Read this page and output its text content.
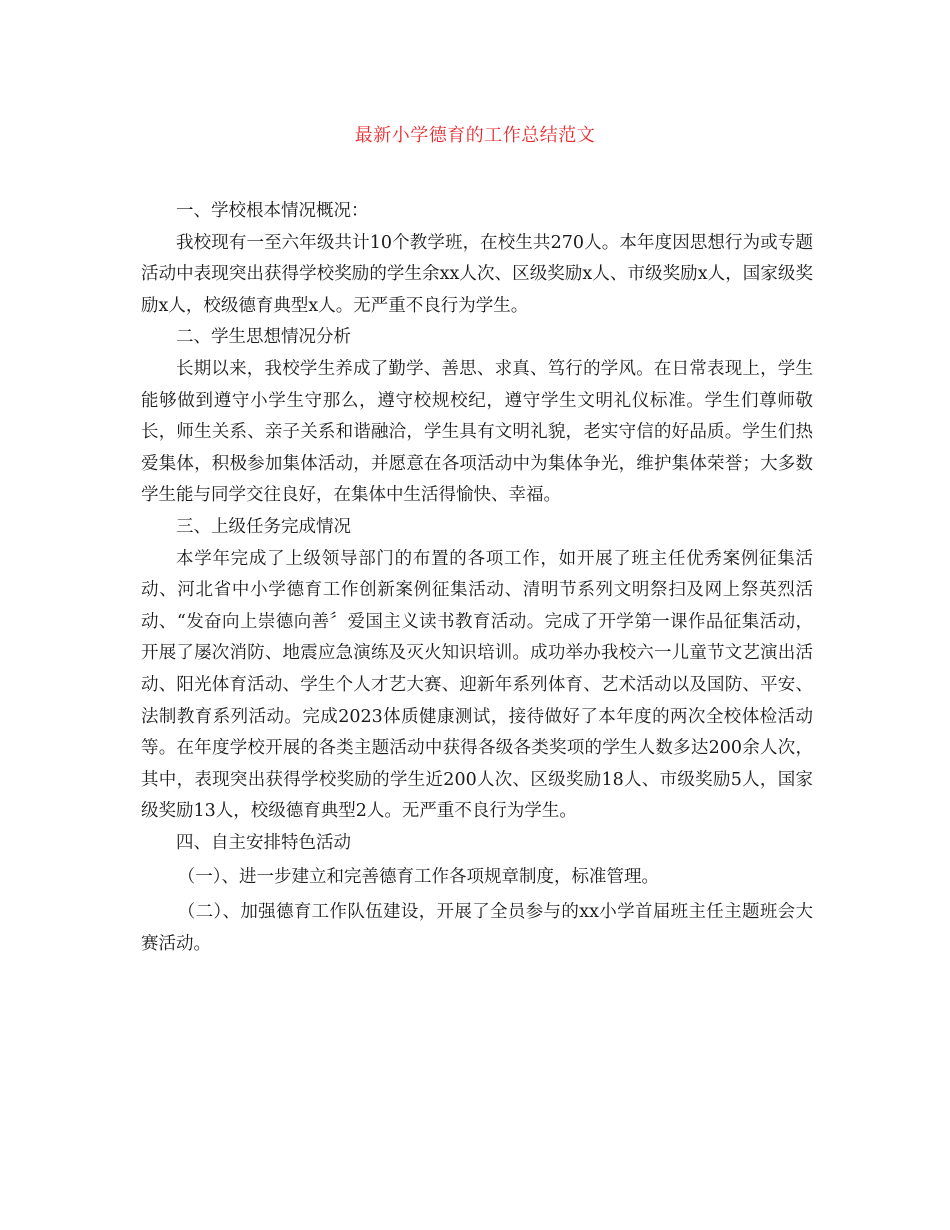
最新小学德育的工作总结范文

一、学校根本情况概况：

我校现有一至六年级共计10个教学班，在校生共270人。本年度因思想行为或专题活动中表现突出获得学校奖励的学生余xx人次、区级奖励x人、市级奖励x人，国家级奖励x人，校级德育典型x人。无严重不良行为学生。

二、学生思想情况分析

长期以来，我校学生养成了勤学、善思、求真、笃行的学风。在日常表现上，学生能够做到遵守小学生守那么，遵守校规校纪，遵守学生文明礼仪标准。学生们尊师敬长，师生关系、亲子关系和谐融洽，学生具有文明礼貌，老实守信的好品质。学生们热爱集体，积极参加集体活动，并愿意在各项活动中为集体争光，维护集体荣誉；大多数学生能与同学交往良好，在集体中生活得愉快、幸福。

三、上级任务完成情况

本学年完成了上级领导部门的布置的各项工作，如开展了班主任优秀案例征集活动、河北省中小学德育工作创新案例征集活动、清明节系列文明祭扫及网上祭英烈活动、“发奋向上崇德向善〞爱国主义读书教育活动。完成了开学第一课作品征集活动，开展了屡次消防、地震应急演练及灭火知识培训。成功举办我校六一儿童节文艺演出活动、阳光体育活动、学生个人才艺大赛、迎新年系列体育、艺术活动以及国防、平安、法制教育系列活动。完成2023体质健康测试，接待做好了本年度的两次全校体检活动等。在年度学校开展的各类主题活动中获得各级各类奖项的学生人数多达200余人次，其中，表现突出获得学校奖励的学生近200人次、区级奖励18人、市级奖励5人，国家级奖励13人，校级德育典型2人。无严重不良行为学生。

四、自主安排特色活动

（一）、进一步建立和完善德育工作各项规章制度，标准管理。

（二）、加强德育工作队伍建设，开展了全员参与的xx小学首届班主任主题班会大赛活动。
